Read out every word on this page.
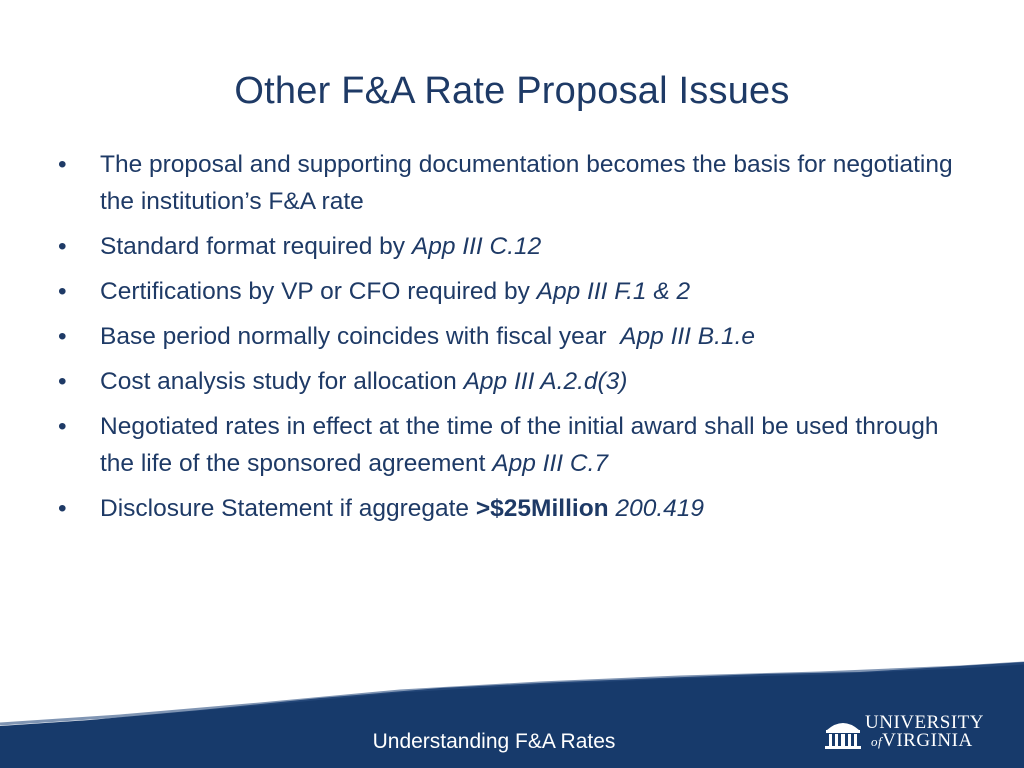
Other F&A Rate Proposal Issues
•	The proposal and supporting documentation becomes the basis for negotiating the institution’s F&A rate
•	Standard format required by App III C.12
•	Certifications by VP or CFO required by App III F.1 & 2
•	Base period normally coincides with fiscal year  App III B.1.e
•	Cost analysis study for allocation App III A.2.d(3)
•	Negotiated rates in effect at the time of the initial award shall be used through the life of the sponsored agreement App III C.7
•	Disclosure Statement if aggregate >$25Million 200.419
Understanding F&A Rates
UNIVERSITY
ofVIRGINIA
